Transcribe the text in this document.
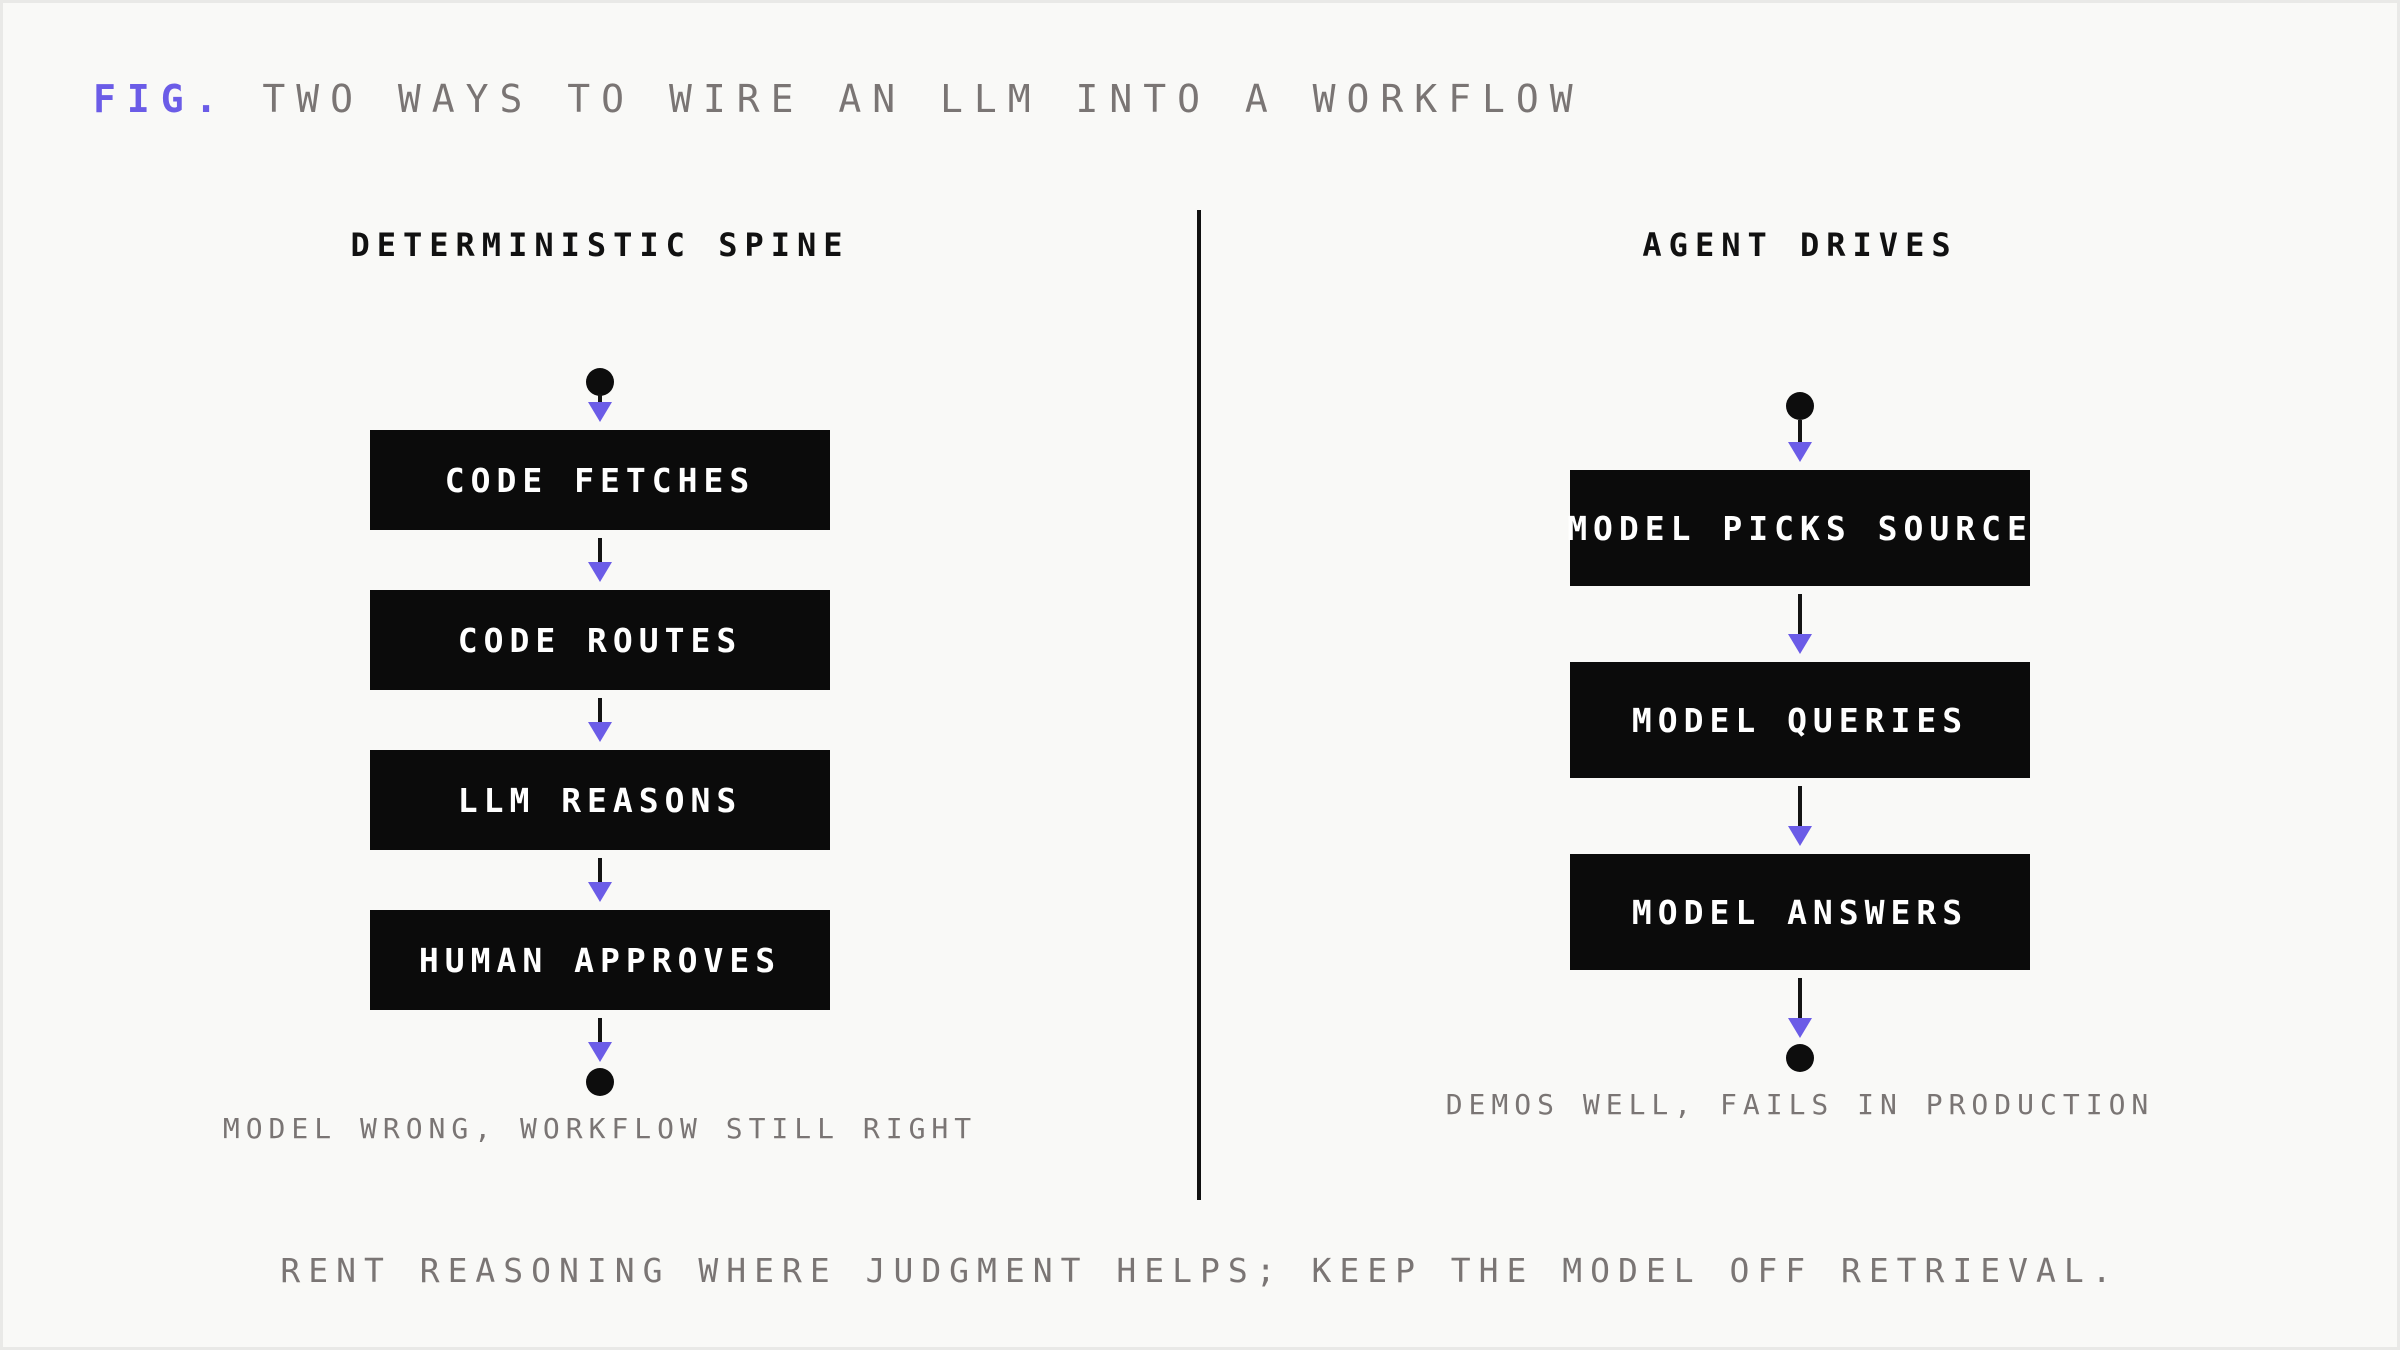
FIG. TWO WAYS TO WIRE AN LLM INTO A WORKFLOW
DETERMINISTIC SPINE
CODE FETCHES
CODE ROUTES
LLM REASONS
HUMAN APPROVES
MODEL WRONG, WORKFLOW STILL RIGHT
AGENT DRIVES
MODEL PICKS SOURCE
MODEL QUERIES
MODEL ANSWERS
DEMOS WELL, FAILS IN PRODUCTION
RENT REASONING WHERE JUDGMENT HELPS; KEEP THE MODEL OFF RETRIEVAL.
